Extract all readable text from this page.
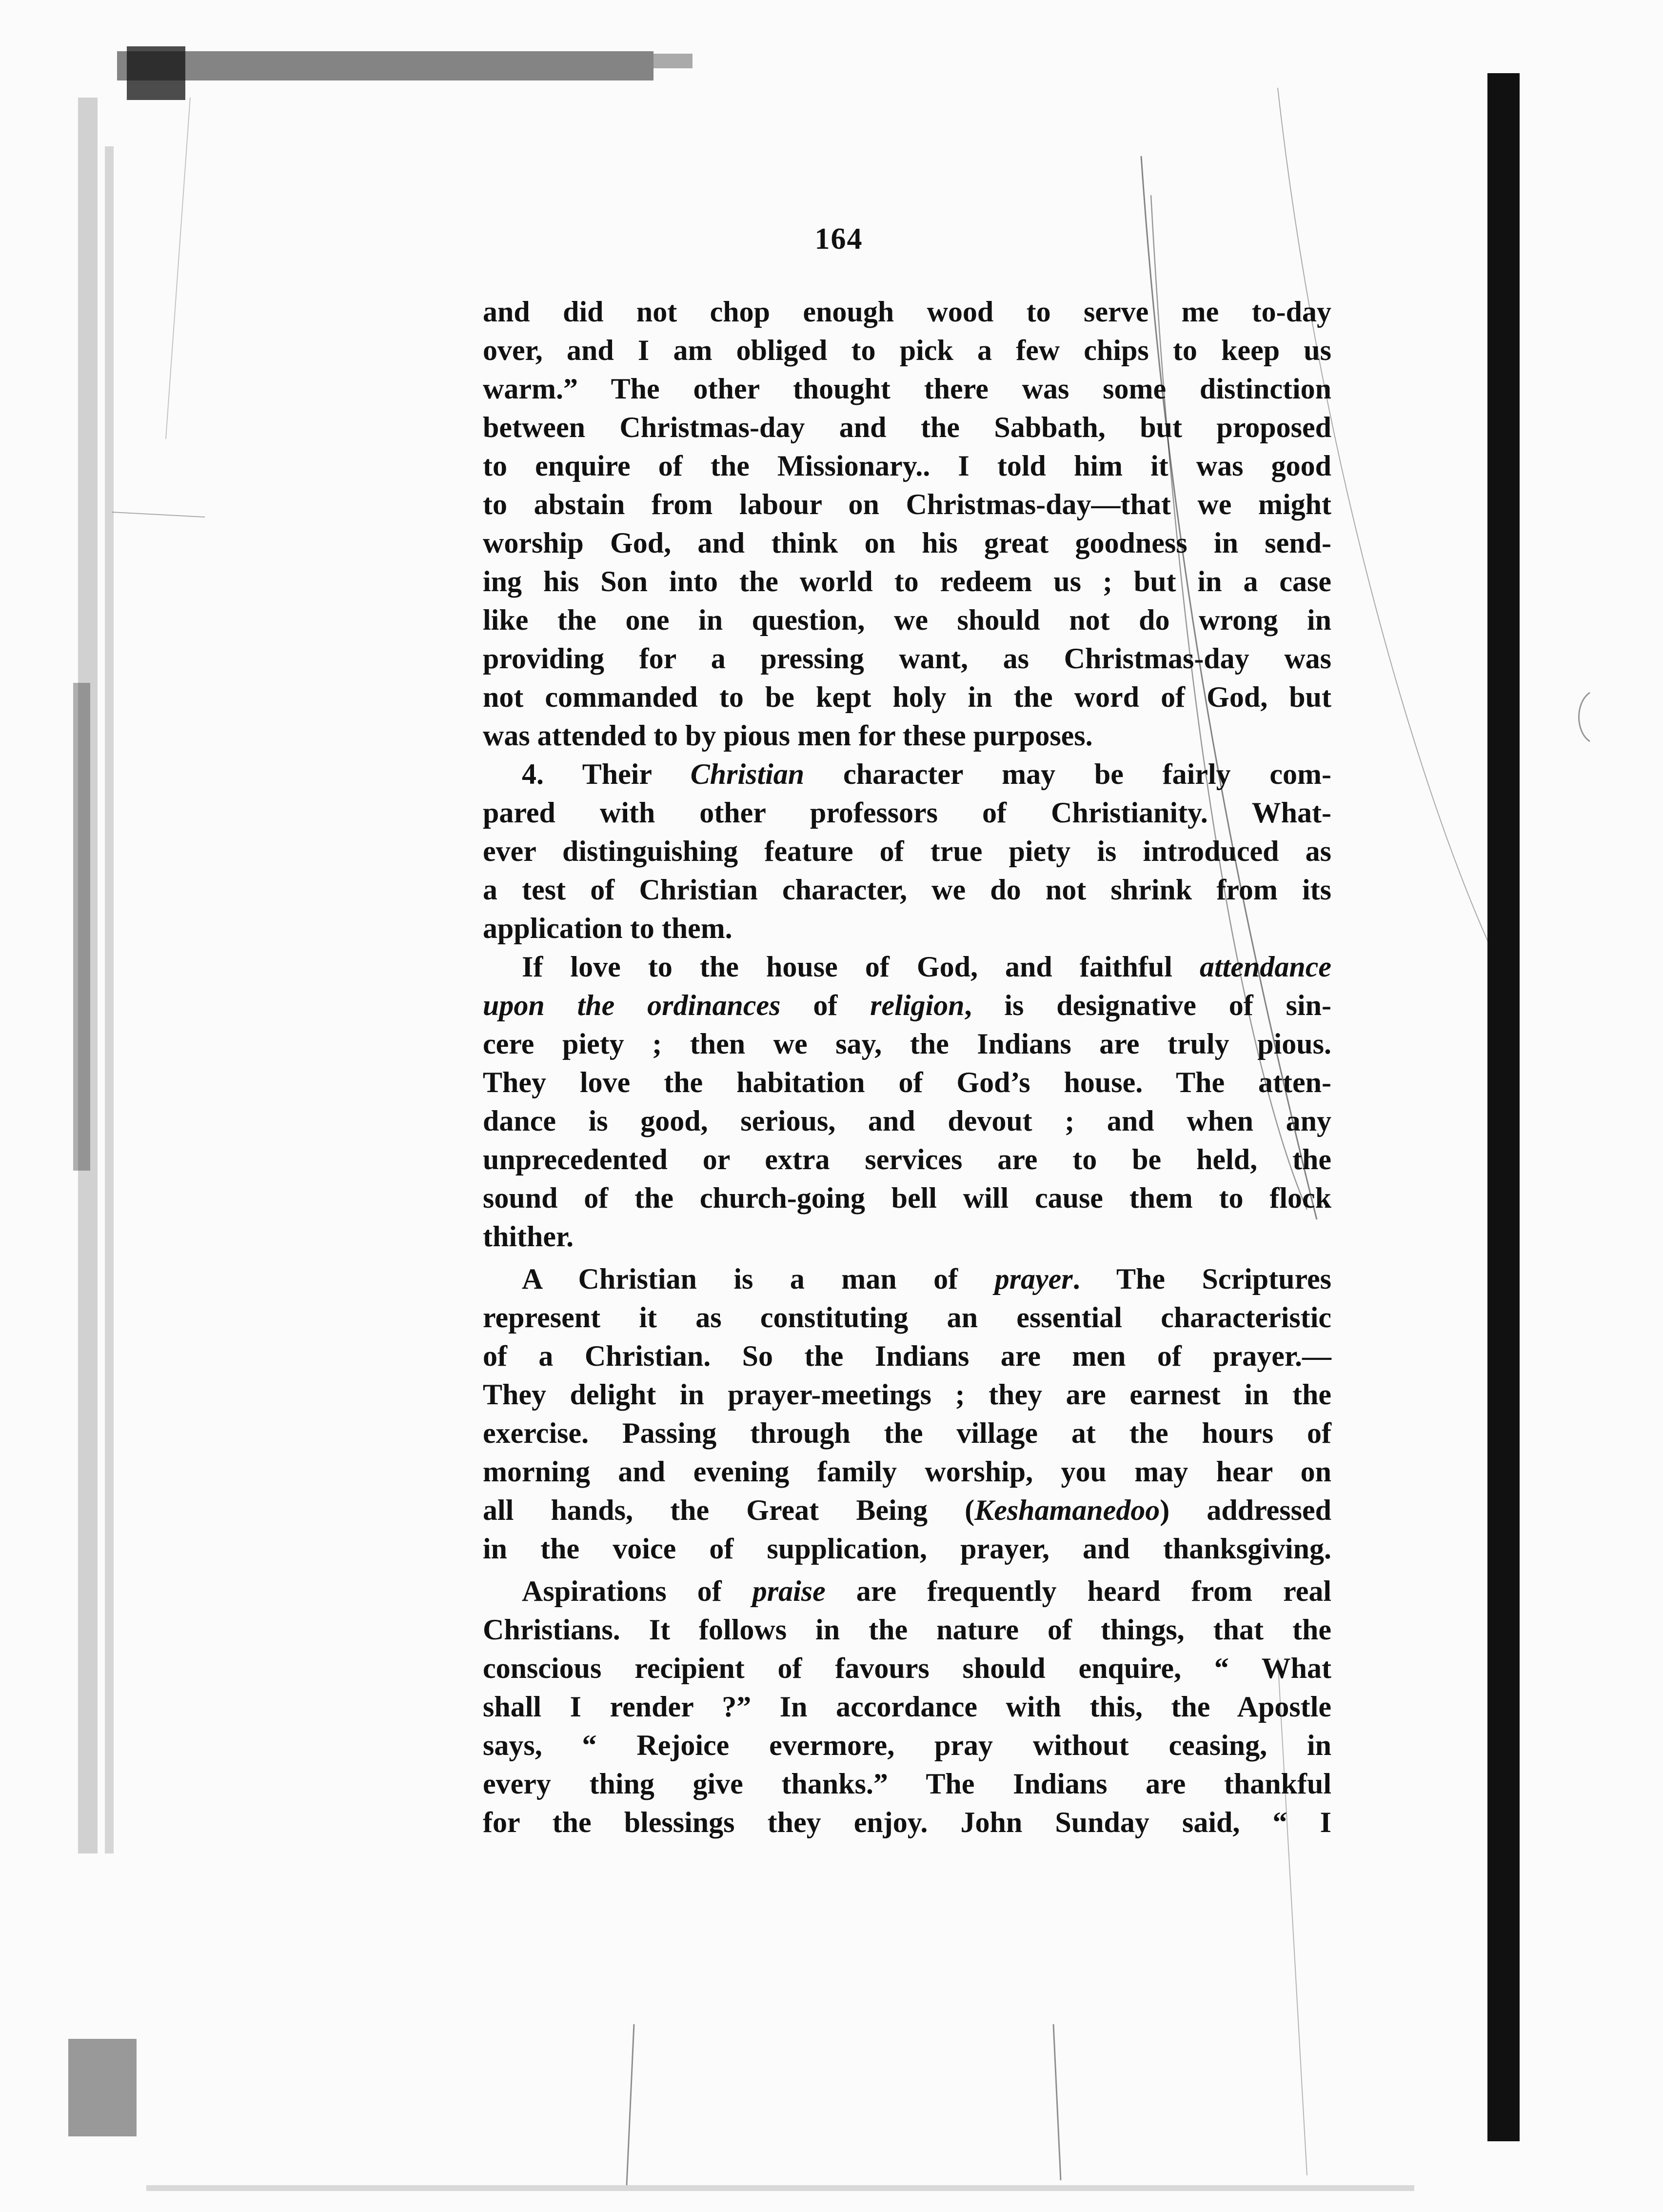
164
and did not chop enough wood to serve me to-day
over, and I am obliged to pick a few chips to keep us
warm.” The other thought there was some distinction
between Christmas-day and the Sabbath, but proposed
to enquire of the Missionary.. I told him it was good
to abstain from labour on Christmas-day—that we might
worship God, and think on his great goodness in send-
ing his Son into the world to redeem us ; but in a case
like the one in question, we should not do wrong in
providing for a pressing want, as Christmas-day was
not commanded to be kept holy in the word of God, but
was attended to by pious men for these purposes.
4. Their Christian character may be fairly com-
pared with other professors of Christianity. What-
ever distinguishing feature of true piety is introduced as
a test of Christian character, we do not shrink from its
application to them.
If love to the house of God, and faithful attendance
upon the ordinances of religion, is designative of sin-
cere piety ; then we say, the Indians are truly pious.
They love the habitation of God’s house. The atten-
dance is good, serious, and devout ; and when any
unprecedented or extra services are to be held, the
sound of the church-going bell will cause them to flock
thither.
A Christian is a man of prayer. The Scriptures
represent it as constituting an essential characteristic
of a Christian. So the Indians are men of prayer.—
They delight in prayer-meetings ; they are earnest in the
exercise. Passing through the village at the hours of
morning and evening family worship, you may hear on
all hands, the Great Being (Keshamanedoo) addressed
in the voice of supplication, prayer, and thanksgiving.
Aspirations of praise are frequently heard from real
Christians. It follows in the nature of things, that the
conscious recipient of favours should enquire, “ What
shall I render ?” In accordance with this, the Apostle
says, “ Rejoice evermore, pray without ceasing, in
every thing give thanks.” The Indians are thankful
for the blessings they enjoy. John Sunday said, “ I
